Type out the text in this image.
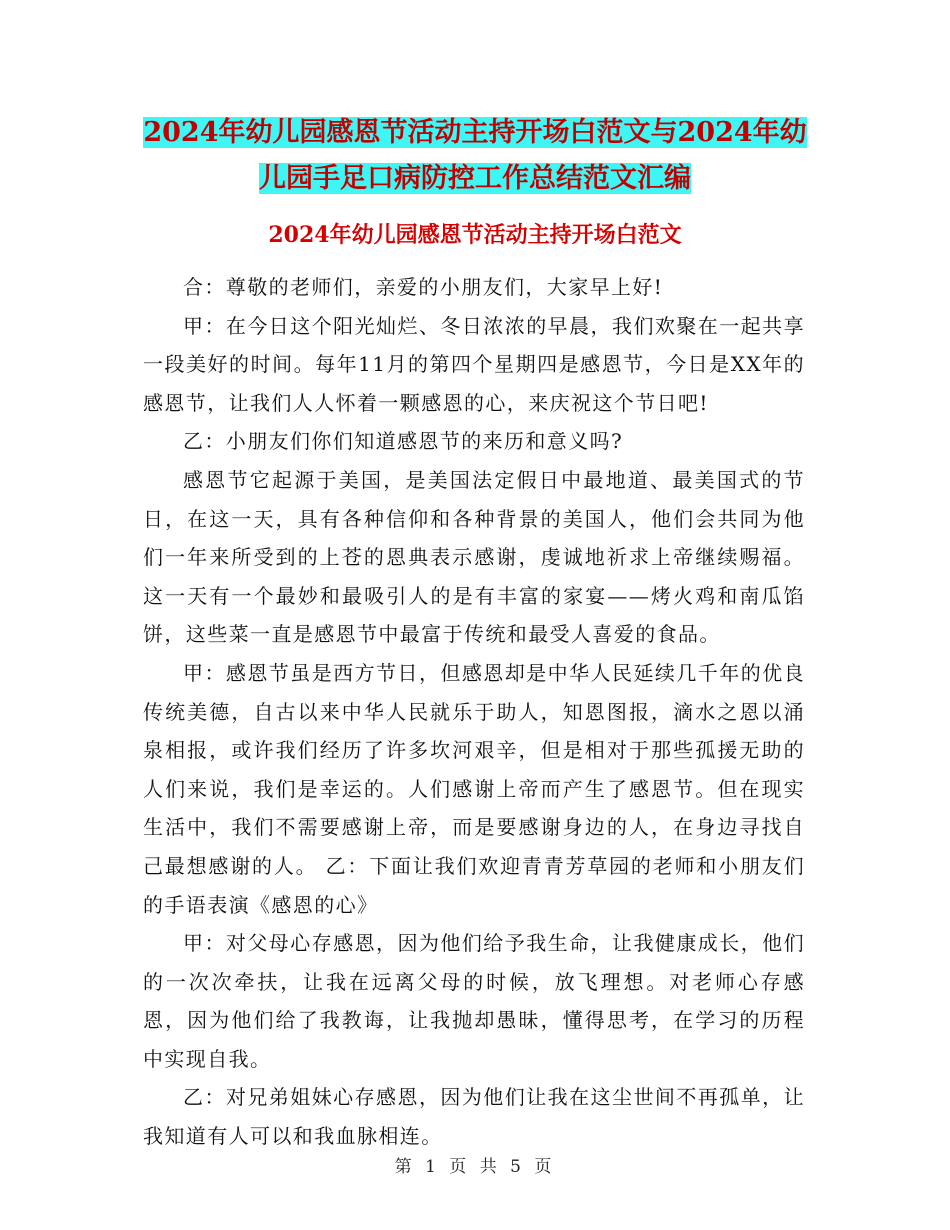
2024年幼儿园感恩节活动主持开场白范文与2024年幼儿园手足口病防控工作总结范文汇编
2024年幼儿园感恩节活动主持开场白范文

合：尊敬的老师们，亲爱的小朋友们，大家早上好!

甲：在今日这个阳光灿烂、冬日浓浓的早晨，我们欢聚在一起共享一段美好的时间。每年11月的第四个星期四是感恩节，今日是XX年的感恩节，让我们人人怀着一颗感恩的心，来庆祝这个节日吧!

乙：小朋友们你们知道感恩节的来历和意义吗?

感恩节它起源于美国，是美国法定假日中最地道、最美国式的节日，在这一天，具有各种信仰和各种背景的美国人，他们会共同为他们一年来所受到的上苍的恩典表示感谢，虔诚地祈求上帝继续赐福。这一天有一个最妙和最吸引人的是有丰富的家宴——烤火鸡和南瓜馅饼，这些菜一直是感恩节中最富于传统和最受人喜爱的食品。

甲：感恩节虽是西方节日，但感恩却是中华人民延续几千年的优良传统美德，自古以来中华人民就乐于助人，知恩图报，滴水之恩以涌泉相报，或许我们经历了许多坎河艰辛，但是相对于那些孤援无助的人们来说，我们是幸运的。人们感谢上帝而产生了感恩节。但在现实生活中，我们不需要感谢上帝，而是要感谢身边的人，在身边寻找自己最想感谢的人。 乙：下面让我们欢迎青青芳草园的老师和小朋友们的手语表演《感恩的心》

甲：对父母心存感恩，因为他们给予我生命，让我健康成长，他们的一次次牵扶，让我在远离父母的时候，放飞理想。对老师心存感恩，因为他们给了我教诲，让我抛却愚昧，懂得思考，在学习的历程中实现自我。

乙：对兄弟姐妹心存感恩，因为他们让我在这尘世间不再孤单，让我知道有人可以和我血脉相连。

第 1 页 共 5 页
